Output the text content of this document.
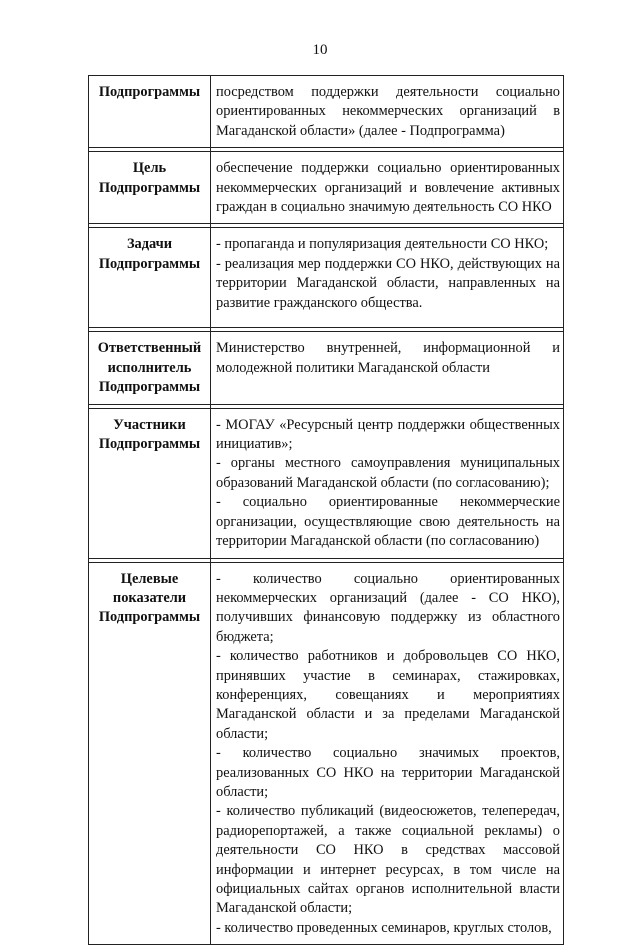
10
Подпрограммы	посредством поддержки деятельности социально ориентированных некоммерческих организаций в Магаданской области» (далее - Подпрограмма)

Цель Подпрограммы	обеспечение поддержки социально ориентированных некоммерческих организаций и вовлечение активных граждан в социально значимую деятельность СО НКО

Задачи Подпрограммы	- пропаганда и популяризация деятельности СО НКО;
- реализация мер поддержки СО НКО, действующих на территории Магаданской области, направленных на развитие гражданского общества.

Ответственный исполнитель Подпрограммы	Министерство внутренней, информационной и молодежной политики Магаданской области

Участники Подпрограммы	- МОГАУ «Ресурсный центр поддержки общественных инициатив»;
- органы местного самоуправления муниципальных образований Магаданской области (по согласованию);
- социально ориентированные некоммерческие организации, осуществляющие свою деятельность на территории Магаданской области (по согласованию)

Целевые показатели Подпрограммы	- количество социально ориентированных некоммерческих организаций (далее - СО НКО), получивших финансовую поддержку из областного бюджета;
- количество работников и добровольцев СО НКО, принявших участие в семинарах, стажировках, конференциях, совещаниях и мероприятиях Магаданской области и за пределами Магаданской области;
- количество социально значимых проектов, реализованных СО НКО на территории Магаданской области;
- количество публикаций (видеосюжетов, телепередач, радиорепортажей, а также социальной рекламы) о деятельности СО НКО в средствах массовой информации и интернет ресурсах, в том числе на официальных сайтах органов исполнительной власти Магаданской области;
- количество проведенных семинаров, круглых столов,
